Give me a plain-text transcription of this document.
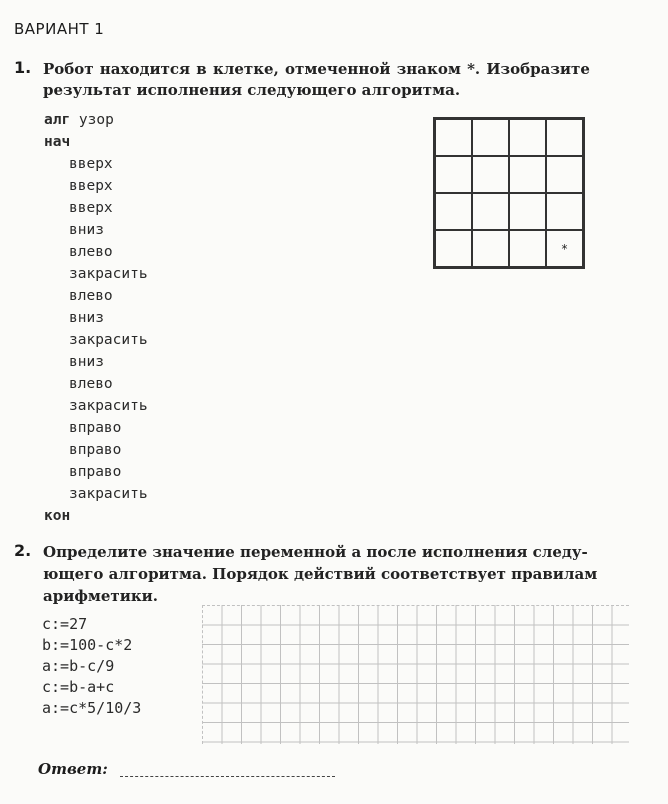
ВАРИАНТ 1
1. Робот находится в клетке, отмеченной знаком *. Изобразите
результат исполнения следующего алгоритма.
алг узор
нач
вверх
вверх
вверх
вниз
влево
закрасить
влево
вниз
закрасить
вниз
влево
закрасить
вправо
вправо
вправо
закрасить
кон
*
2. Определите значение переменной a после исполнения следу-
ющего алгоритма. Порядок действий соответствует правилам
арифметики.
c:=27
b:=100-c*2
a:=b-c/9
c:=b-a+c
a:=c*5/10/3
Ответ:
